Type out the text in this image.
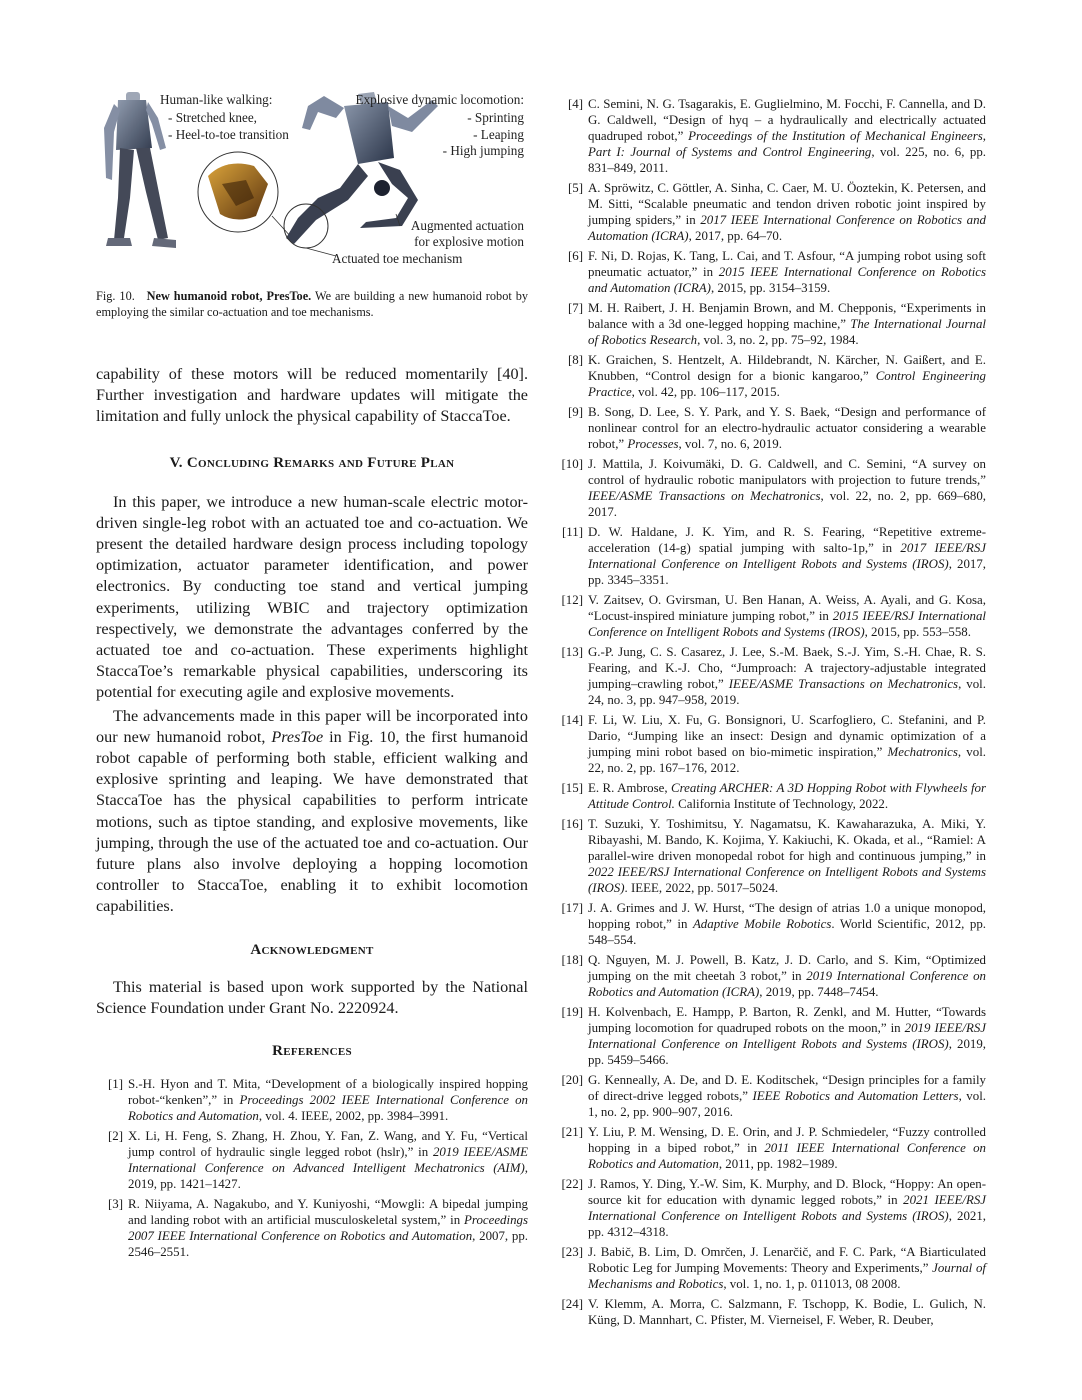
Human-like walking:
- Stretched knee,
- Heel-to-toe transition
Explosive dynamic locomotion:
- Sprinting
- Leaping
- High jumping
Augmented actuation
for explosive motion
Actuated toe mechanism

Fig. 10. New humanoid robot, PresToe. We are building a new humanoid robot by employing the similar co-actuation and toe mechanisms.

capability of these motors will be reduced momentarily [40]. Further investigation and hardware updates will mitigate the limitation and fully unlock the physical capability of StaccaToe.

V. Concluding Remarks and Future Plan

In this paper, we introduce a new human-scale electric motor-driven single-leg robot with an actuated toe and co-actuation. We present the detailed hardware design process including topology optimization, actuator parameter identification, and power electronics. By conducting toe stand and vertical jumping experiments, utilizing WBIC and trajectory optimization respectively, we demonstrate the advantages conferred by the actuated toe and co-actuation. These experiments highlight StaccaToe’s remarkable physical capabilities, underscoring its potential for executing agile and explosive movements.

The advancements made in this paper will be incorporated into our new humanoid robot, PresToe in Fig. 10, the first humanoid robot capable of performing both stable, efficient walking and explosive sprinting and leaping. We have demonstrated that StaccaToe has the physical capabilities to perform intricate motions, such as tiptoe standing, and explosive movements, like jumping, through the use of the actuated toe and co-actuation. Our future plans also involve deploying a hopping locomotion controller to StaccaToe, enabling it to exhibit locomotion capabilities.

Acknowledgment

This material is based upon work supported by the National Science Foundation under Grant No. 2220924.

References
[1] S.-H. Hyon and T. Mita, “Development of a biologically inspired hopping robot-“kenken”,” in Proceedings 2002 IEEE International Conference on Robotics and Automation, vol. 4. IEEE, 2002, pp. 3984–3991.
[2] X. Li, H. Feng, S. Zhang, H. Zhou, Y. Fan, Z. Wang, and Y. Fu, “Vertical jump control of hydraulic single legged robot (hslr),” in 2019 IEEE/ASME International Conference on Advanced Intelligent Mechatronics (AIM), 2019, pp. 1421–1427.
[3] R. Niiyama, A. Nagakubo, and Y. Kuniyoshi, “Mowgli: A bipedal jumping and landing robot with an artificial musculoskeletal system,” in Proceedings 2007 IEEE International Conference on Robotics and Automation, 2007, pp. 2546–2551.
[4] C. Semini, N. G. Tsagarakis, E. Guglielmino, M. Focchi, F. Cannella, and D. G. Caldwell, “Design of hyq – a hydraulically and electrically actuated quadruped robot,” Proceedings of the Institution of Mechanical Engineers, Part I: Journal of Systems and Control Engineering, vol. 225, no. 6, pp. 831–849, 2011.
[5] A. Spröwitz, C. Göttler, A. Sinha, C. Caer, M. U. Öoztekin, K. Petersen, and M. Sitti, “Scalable pneumatic and tendon driven robotic joint inspired by jumping spiders,” in 2017 IEEE International Conference on Robotics and Automation (ICRA), 2017, pp. 64–70.
[6] F. Ni, D. Rojas, K. Tang, L. Cai, and T. Asfour, “A jumping robot using soft pneumatic actuator,” in 2015 IEEE International Conference on Robotics and Automation (ICRA), 2015, pp. 3154–3159.
[7] M. H. Raibert, J. H. Benjamin Brown, and M. Chepponis, “Experiments in balance with a 3d one-legged hopping machine,” The International Journal of Robotics Research, vol. 3, no. 2, pp. 75–92, 1984.
[8] K. Graichen, S. Hentzelt, A. Hildebrandt, N. Kärcher, N. Gaißert, and E. Knubben, “Control design for a bionic kangaroo,” Control Engineering Practice, vol. 42, pp. 106–117, 2015.
[9] B. Song, D. Lee, S. Y. Park, and Y. S. Baek, “Design and performance of nonlinear control for an electro-hydraulic actuator considering a wearable robot,” Processes, vol. 7, no. 6, 2019.
[10] J. Mattila, J. Koivumäki, D. G. Caldwell, and C. Semini, “A survey on control of hydraulic robotic manipulators with projection to future trends,” IEEE/ASME Transactions on Mechatronics, vol. 22, no. 2, pp. 669–680, 2017.
[11] D. W. Haldane, J. K. Yim, and R. S. Fearing, “Repetitive extreme-acceleration (14-g) spatial jumping with salto-1p,” in 2017 IEEE/RSJ International Conference on Intelligent Robots and Systems (IROS), 2017, pp. 3345–3351.
[12] V. Zaitsev, O. Gvirsman, U. Ben Hanan, A. Weiss, A. Ayali, and G. Kosa, “Locust-inspired miniature jumping robot,” in 2015 IEEE/RSJ International Conference on Intelligent Robots and Systems (IROS), 2015, pp. 553–558.
[13] G.-P. Jung, C. S. Casarez, J. Lee, S.-M. Baek, S.-J. Yim, S.-H. Chae, R. S. Fearing, and K.-J. Cho, “Jumproach: A trajectory-adjustable integrated jumping–crawling robot,” IEEE/ASME Transactions on Mechatronics, vol. 24, no. 3, pp. 947–958, 2019.
[14] F. Li, W. Liu, X. Fu, G. Bonsignori, U. Scarfogliero, C. Stefanini, and P. Dario, “Jumping like an insect: Design and dynamic optimization of a jumping mini robot based on bio-mimetic inspiration,” Mechatronics, vol. 22, no. 2, pp. 167–176, 2012.
[15] E. R. Ambrose, Creating ARCHER: A 3D Hopping Robot with Flywheels for Attitude Control. California Institute of Technology, 2022.
[16] T. Suzuki, Y. Toshimitsu, Y. Nagamatsu, K. Kawaharazuka, A. Miki, Y. Ribayashi, M. Bando, K. Kojima, Y. Kakiuchi, K. Okada, et al., “Ramiel: A parallel-wire driven monopedal robot for high and continuous jumping,” in 2022 IEEE/RSJ International Conference on Intelligent Robots and Systems (IROS). IEEE, 2022, pp. 5017–5024.
[17] J. A. Grimes and J. W. Hurst, “The design of atrias 1.0 a unique monopod, hopping robot,” in Adaptive Mobile Robotics. World Scientific, 2012, pp. 548–554.
[18] Q. Nguyen, M. J. Powell, B. Katz, J. D. Carlo, and S. Kim, “Optimized jumping on the mit cheetah 3 robot,” in 2019 International Conference on Robotics and Automation (ICRA), 2019, pp. 7448–7454.
[19] H. Kolvenbach, E. Hampp, P. Barton, R. Zenkl, and M. Hutter, “Towards jumping locomotion for quadruped robots on the moon,” in 2019 IEEE/RSJ International Conference on Intelligent Robots and Systems (IROS), 2019, pp. 5459–5466.
[20] G. Kenneally, A. De, and D. E. Koditschek, “Design principles for a family of direct-drive legged robots,” IEEE Robotics and Automation Letters, vol. 1, no. 2, pp. 900–907, 2016.
[21] Y. Liu, P. M. Wensing, D. E. Orin, and J. P. Schmiedeler, “Fuzzy controlled hopping in a biped robot,” in 2011 IEEE International Conference on Robotics and Automation, 2011, pp. 1982–1989.
[22] J. Ramos, Y. Ding, Y.-W. Sim, K. Murphy, and D. Block, “Hoppy: An open-source kit for education with dynamic legged robots,” in 2021 IEEE/RSJ International Conference on Intelligent Robots and Systems (IROS), 2021, pp. 4312–4318.
[23] J. Babič, B. Lim, D. Omrčen, J. Lenarčič, and F. C. Park, “A Biarticulated Robotic Leg for Jumping Movements: Theory and Experiments,” Journal of Mechanisms and Robotics, vol. 1, no. 1, p. 011013, 08 2008.
[24] V. Klemm, A. Morra, C. Salzmann, F. Tschopp, K. Bodie, L. Gulich, N. Küng, D. Mannhart, C. Pfister, M. Vierneisel, F. Weber, R. Deuber,
